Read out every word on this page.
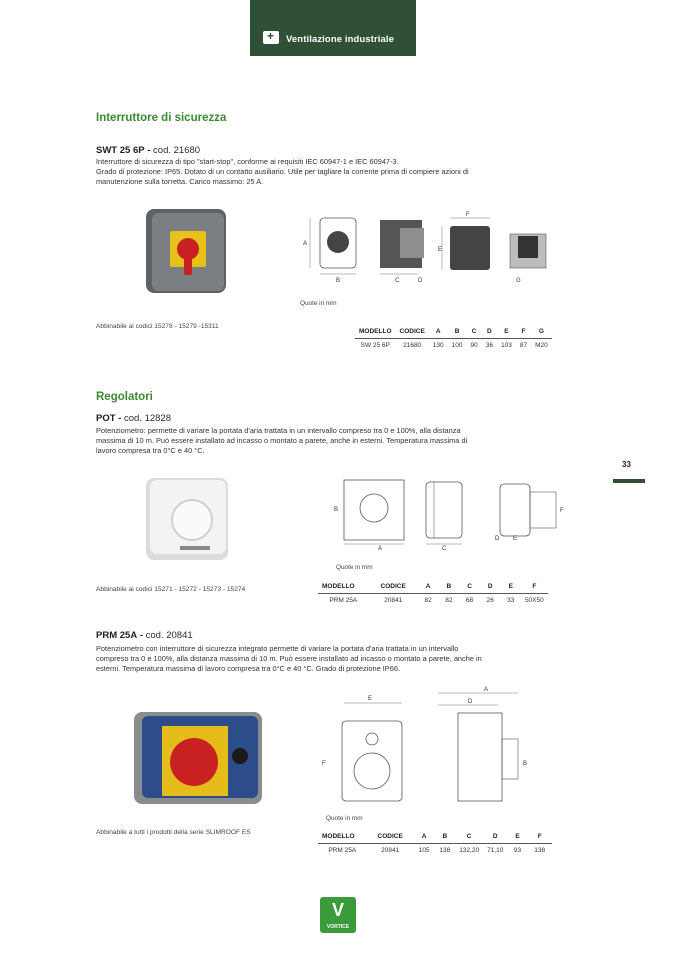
+
Ventilazione industriale
Interruttore di sicurezza
SWT 25 6P - cod. 21680
Interruttore di sicurezza di tipo "start-stop", conforme ai requisiti IEC 60947-1 e IEC 60947-3.
Grado di protezione: IP65. Dotato di un contatto ausiliario. Utile per tagliare la corrente prima di compiere azioni di
manutenzione sulla torretta. Carico massimo: 25 A.
A
B	C	D
F
E
G
Quote in mm
Abbinabile ai codici 15278 - 15279 -15311
MODELLO	CODICE	A	B	C	D	E	F	G
SW 25 6P	21680	130	100	90	36	103	87	M20
Regolatori
POT - cod. 12828
Potenziometro: permette di variare la portata d'aria trattata in un intervallo compreso tra 0 e 100%, alla distanza
massima di 10 m. Può essere installato ad incasso o montato a parete, anche in esterni. Temperatura massima di
lavoro compresa tra 0°C e 40 °C.
33
B
A	C
F
D E
Quote in mm
Abbinabile ai codici 15271 - 15272 - 15273 - 15274	MODELLO	CODICE	A	B	C	D	E	F
PRM 25A	20841	82	82	68	26	33	50X50
PRM 25A - cod. 20841
Potenziometro con interruttore di sicurezza integrato permette di variare la portata d'aria trattata in un intervallo
compreso tra 0 e 100%, alla distanza massima di 10 m. Può essere installato ad incasso o montato a parete, anche in
esterni. Temperatura massima di lavoro compresa tra 0°C e 40 °C. Grado di protezione IP66.
E
F
A
D
B
Quote in mm
Abbinabile a tutti i prodotti della serie SLIMROOF ES
MODELLO	CODICE	A	B	C	D	E	F
PRM 25A	20841	105	138	132,20	71,10	93	138
V
VORTICE
